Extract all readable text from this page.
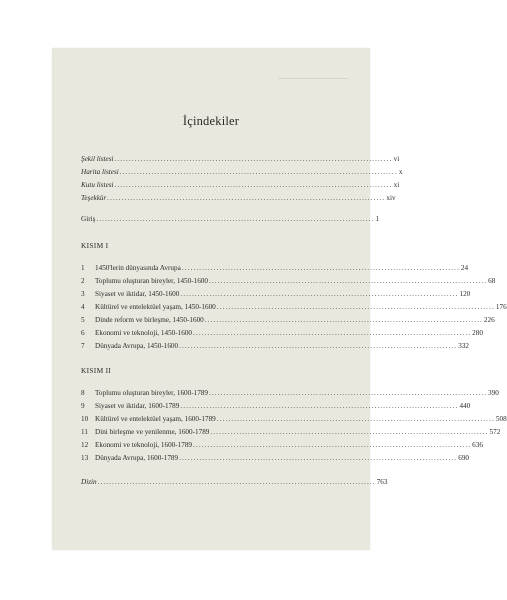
İçindekiler
Şekil listesi ................................................................................................ vi
Harita listesi ................................................................................................ x
Kutu listesi ................................................................................................ xi
Teşekkür ................................................................................................ xiv
Giriş ................................................................................................ 1
KISIM I
1	1450'lerin dünyasında Avrupa ................................................................................................ 24
2	Toplumu oluşturan bireyler, 1450-1600 ................................................................................................ 68
3	Siyaset ve iktidar, 1450-1600 ................................................................................................ 120
4	Kültürel ve entelektüel yaşam, 1450-1600 ................................................................................................ 176
5	Dinde reform ve birleşme, 1450-1600 ................................................................................................ 226
6	Ekonomi ve teknoloji, 1450-1600 ................................................................................................ 280
7	Dünyada Avrupa, 1450-1600 ................................................................................................ 332
KISIM II
8	Toplumu oluşturan bireyler, 1600-1789 ................................................................................................ 390
9	Siyaset ve iktidar, 1600-1789 ................................................................................................ 440
10 Kültürel ve entelektüel yaşam, 1600-1789 ................................................................................................ 508
11 Dini birleşme ve yenilenme, 1600-1789 ................................................................................................ 572
12 Ekonomi ve teknoloji, 1600-1789 ................................................................................................ 636
13 Dünyada Avrupa, 1600-1789 ................................................................................................ 690
Dizin ................................................................................................ 763
